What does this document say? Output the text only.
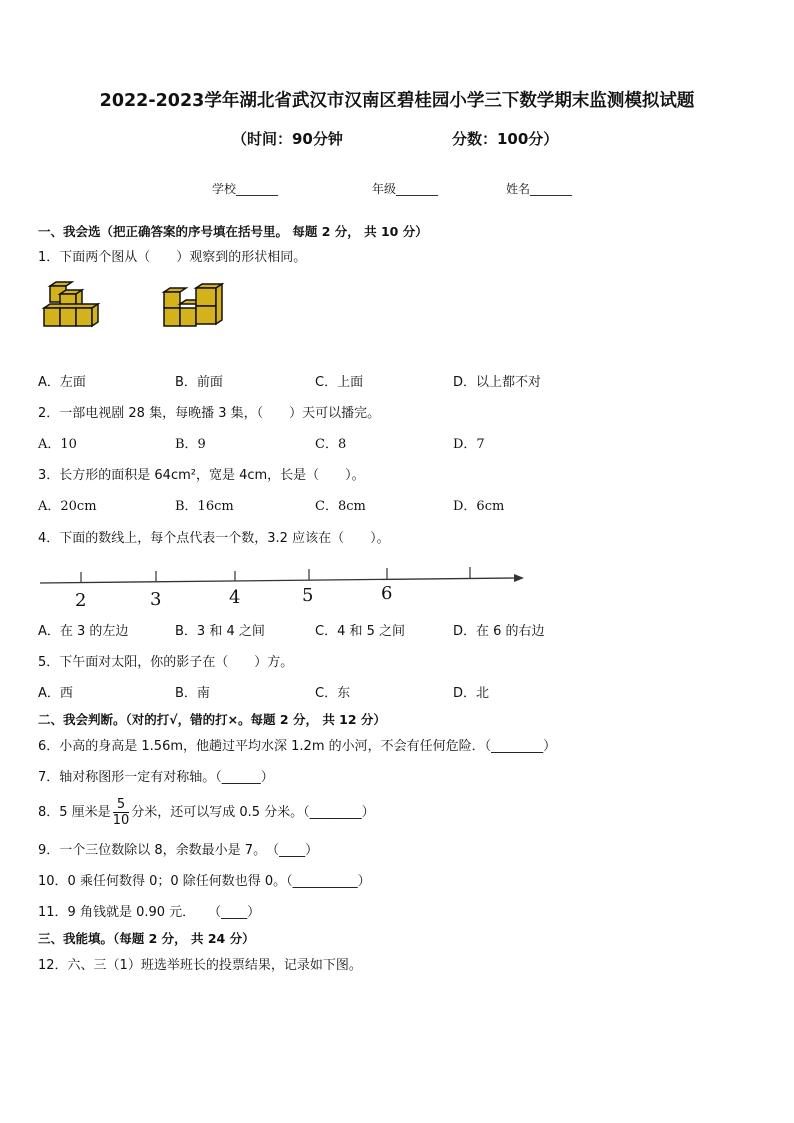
2022-2023学年湖北省武汉市汉南区碧桂园小学三下数学期末监测模拟试题
（时间：90分钟	分数：100分）
学校_______	年级_______	姓名_______
一、我会选（把正确答案的序号填在括号里。 每题 2 分， 共 10 分）
1．下面两个图从（　　）观察到的形状相同。
A．左面	B．前面	C．上面	D．以上都不对
2．一部电视剧 28 集，每晚播 3 集，（　　）天可以播完。
A．10	B．9	C．8	D．7
3．长方形的面积是 64cm²，宽是 4cm，长是（　　）。
A．20cm	B．16cm	C．8cm	D．6cm
4．下面的数线上，每个点代表一个数，3.2 应该在（　　）。
2	3	4	5	6
A．在 3 的左边	B．3 和 4 之间	C．4 和 5 之间	D．在 6 的右边
5．下午面对太阳，你的影子在（　　）方。
A．西	B．南	C．东	D．北
二、我会判断。（对的打√，错的打×。每题 2 分， 共 12 分）
6．小高的身高是 1.56m，他趟过平均水深 1.2m 的小河，不会有任何危险．（________）
7．轴对称图形一定有对称轴。（______）
8．5 厘米是 $\frac{5}{10}$ 分米，还可以写成 0.5 分米。（________）
9．一个三位数除以 8，余数最小是 7。　（____）
10．0 乘任何数得 0；0 除任何数也得 0。（__________）
11．9 角钱就是 0.90 元．　　（____）
三、我能填。（每题 2 分， 共 24 分）
12．六、三（1）班选举班长的投票结果，记录如下图。
